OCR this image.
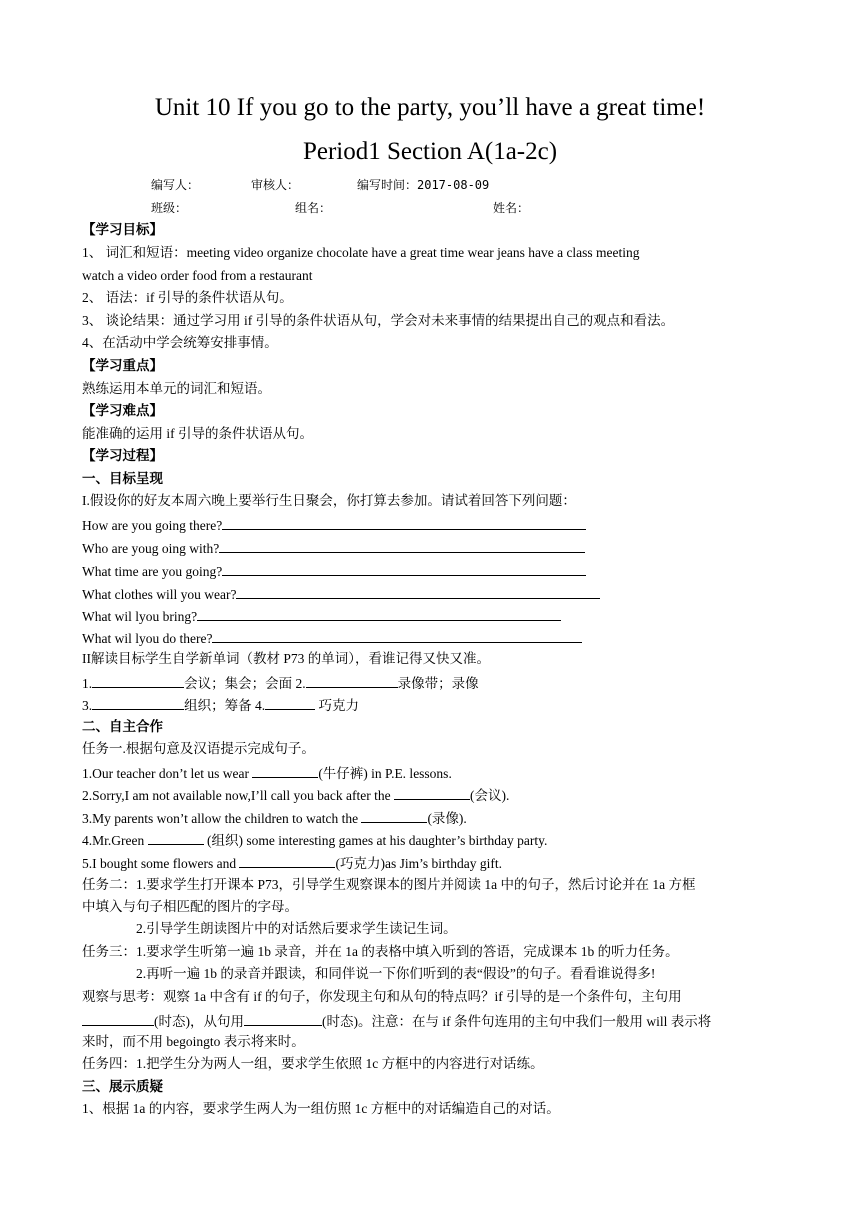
Unit 10 If you go to the party, you’ll have a great time!
Period1 Section A(1a-2c)
编写人：	审核人：	编写时间：2017-08-09
班级：	组名：	姓名：
【学习目标】
1、 词汇和短语：meeting video organize chocolate have a great time wear jeans have a class meeting
watch a video order food from a restaurant
2、 语法：if 引导的条件状语从句。
3、 谈论结果：通过学习用 if 引导的条件状语从句，学会对未来事情的结果提出自己的观点和看法。
4、在活动中学会统筹安排事情。
【学习重点】
熟练运用本单元的词汇和短语。
【学习难点】
能准确的运用 if 引导的条件状语从句。
【学习过程】
一、目标呈现
I.假设你的好友本周六晚上要举行生日聚会，你打算去参加。请试着回答下列问题：
How are you going there?
Who are youg oing with?
What time are you going?
What clothes will you wear?
What wil lyou bring?
What wil lyou do there?
II解读目标学生自学新单词（教材 P73 的单词），看谁记得又快又准。
1.	会议；集会；会面 2.	录像带；录像
3.	组织；筹备 4.	巧克力
二、自主合作
任务一.根据句意及汉语提示完成句子。
1.Our teacher don’t let us wear	(牛仔裤) in P.E. lessons.
2.Sorry,I am not available now,I’ll call you back after the	(会议).
3.My parents won’t allow the children to watch the	(录像).
4.Mr.Green	(组织) some interesting games at his daughter’s birthday party.
5.I bought some flowers and	(巧克力)as Jim’s birthday gift.
任务二：1.要求学生打开课本 P73，引导学生观察课本的图片并阅读 1a 中的句子，然后讨论并在 1a 方框
中填入与句子相匹配的图片的字母。
2.引导学生朗读图片中的对话然后要求学生读记生词。
任务三：1.要求学生听第一遍 1b 录音，并在 1a 的表格中填入听到的答语，完成课本 1b 的听力任务。
2.再听一遍 1b 的录音并跟读，和同伴说一下你们听到的表“假设”的句子。看看谁说得多!
观察与思考：观察 1a 中含有 if 的句子，你发现主句和从句的特点吗？if 引导的是一个条件句，主句用
(时态)，从句用	(时态)。注意：在与 if 条件句连用的主句中我们一般用 will 表示将
来时，而不用 begoingto 表示将来时。
任务四：1.把学生分为两人一组，要求学生依照 1c 方框中的内容进行对话练。
三、展示质疑
1、根据 1a 的内容，要求学生两人为一组仿照 1c 方框中的对话编造自己的对话。
